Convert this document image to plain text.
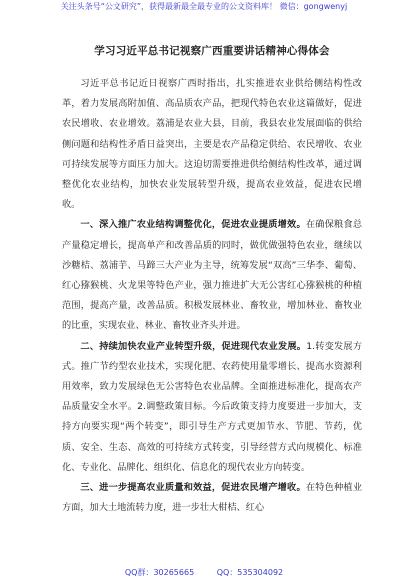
关注头条号“公文研究”，获得最新最全最专业的公文资料库！ 微信：gongwenyj
学习习近平总书记视察广西重要讲话精神心得体会

习近平总书记近日视察广西时指出，扎实推进农业供给侧结构性改革，着力发展高附加值、高品质农产品，把现代特色农业这篇做好，促进农民增收、农业增效。荔浦是农业大县，目前，我县农业发展面临的供给侧问题和结构性矛盾日益突出，主要是农产品稳定供给、农民增收、农业可持续发展等方面压力加大。这迫切需要推进供给侧结构性改革，通过调整优化农业结构，加快农业发展转型升级，提高农业效益，促进农民增收。

一、深入推广农业结构调整优化，促进农业提质增效。在确保粮食总产量稳定增长，提高单产和改善品质的同时，做优做强特色农业，继续以沙糖桔、荔浦芋、马蹄三大产业为主导，统筹发展“双高”三华李、葡萄、红心猕猴桃、火龙果等特色产业，强力推进扩大无公害红心猕猴桃的种植范围，提高产量，改善品质。积极发展林业、畜牧业，增加林业、畜牧业的比重，实现农业、林业、畜牧业齐头并进。

二、持续加快农业产业转型升级，促进现代农业发展。1.转变发展方式。推广节约型农业技术，实现化肥、农药使用量零增长、提高水资源利用效率，致力发展绿色无公害特色农业品牌。全面推进标准化，提高农产品质量安全水平。2.调整政策目标。今后政策支持力度要进一步加大，支持方向要实现“两个转变”，即引导生产方式更加节水、节肥、节药，优质、安全、生态、高效的可持续方式转变，引导经营方式向规模化、标准化、专业化、品牌化、组织化、信息化的现代农业方向转变。

三、进一步提高农业质量和效益，促进农民增产增收。在特色种植业方面，加大土地流转力度，进一步壮大柑桔、红心

QQ群：30265665	QQ：535304092
